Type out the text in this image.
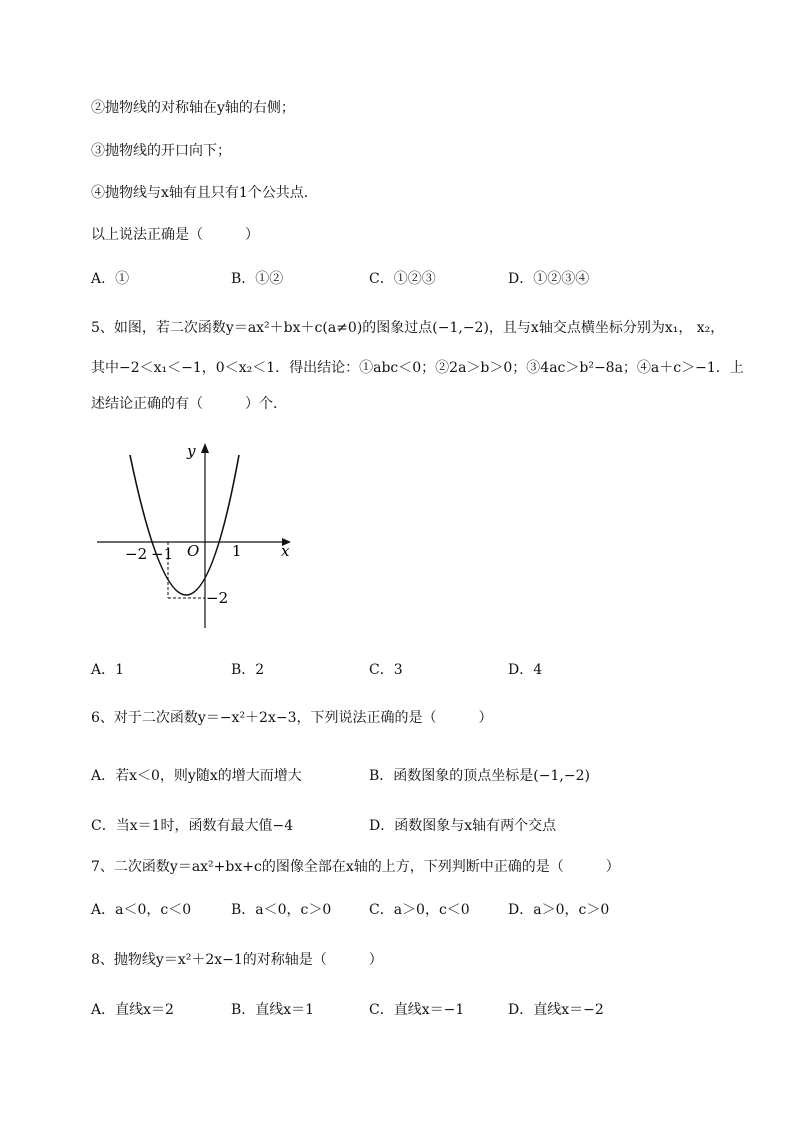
②抛物线的对称轴在y轴的右侧；
③抛物线的开口向下；
④抛物线与x轴有且只有1个公共点．
以上说法正确是（　　　）
A．①	B．①②	C．①②③	D．①②③④
5、如图，若二次函数y＝ax²＋bx＋c(a≠0)的图象过点(−1,−2)，且与x轴交点横坐标分别为x₁， x₂，
其中−2＜x₁＜−1，0＜x₂＜1．得出结论：①abc＜0；②2a＞b＞0；③4ac＞b²−8a；④a＋c＞−1．上
述结论正确的有（　　　）个．
y
x
O
−2 −1	1
−2
A．1	B．2	C．3	D．4
6、对于二次函数y＝−x²＋2x−3，下列说法正确的是（　　　）
A．若x＜0，则y随x的增大而增大	B．函数图象的顶点坐标是(−1,−2)
C．当x＝1时，函数有最大值−4	D．函数图象与x轴有两个交点
7、二次函数y＝ax²+bx+c的图像全部在x轴的上方，下列判断中正确的是（　　　）
A．a＜0，c＜0	B．a＜0，c＞0	C．a＞0，c＜0	D．a＞0，c＞0
8、抛物线y＝x²＋2x−1的对称轴是（　　　）
A．直线x＝2	B．直线x＝1	C．直线x＝−1	D．直线x＝−2
